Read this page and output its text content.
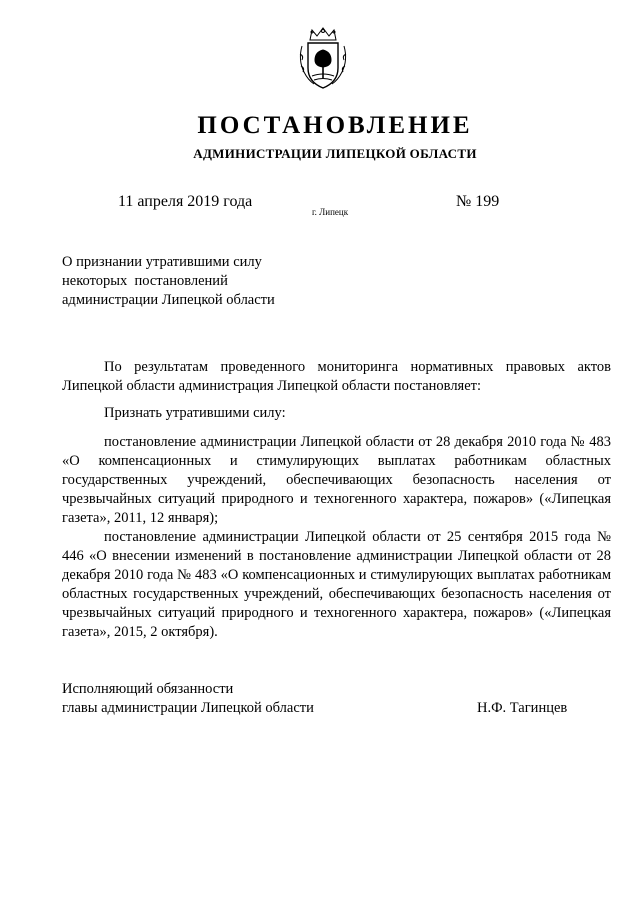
ПОСТАНОВЛЕНИЕ
АДМИНИСТРАЦИИ ЛИПЕЦКОЙ ОБЛАСТИ
11 апреля 2019 года
г. Липецк
№ 199
О признании утратившими силу
некоторых  постановлений
администрации Липецкой области

По результатам проведенного мониторинга нормативных правовых актов Липецкой области администрация Липецкой области постановляет:

Признать утратившими силу:

постановление администрации Липецкой области от 28 декабря 2010 года № 483 «О компенсационных и стимулирующих выплатах работникам областных государственных учреждений, обеспечивающих безопасность населения от чрезвычайных ситуаций природного и техногенного характера, пожаров» («Липецкая газета», 2011, 12 января);

постановление администрации Липецкой области от 25 сентября 2015 года № 446 «О внесении изменений в постановление администрации Липецкой области от 28 декабря 2010 года № 483 «О компенсационных и стимулирующих выплатах работникам областных государственных учреждений, обеспечивающих безопасность населения от чрезвычайных ситуаций природного и техногенного характера, пожаров» («Липецкая газета», 2015, 2 октября).

Исполняющий обязанности
главы администрации Липецкой области	Н.Ф. Тагинцев
